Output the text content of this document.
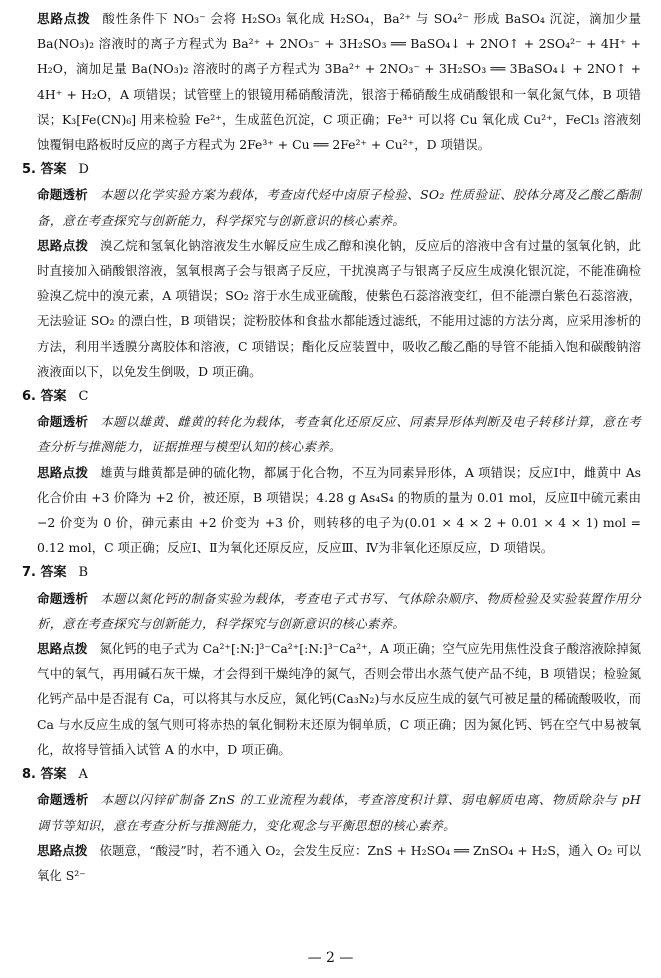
思路点拨 酸性条件下 NO₃⁻ 会将 H₂SO₃ 氧化成 H₂SO₄，Ba²⁺ 与 SO₄²⁻ 形成 BaSO₄ 沉淀，滴加少量 Ba(NO₃)₂ 溶液时的离子方程式为 Ba²⁺ + 2NO₃⁻ + 3H₂SO₃ ══ BaSO₄↓ + 2NO↑ + 2SO₄²⁻ + 4H⁺ + H₂O，滴加足量 Ba(NO₃)₂ 溶液时的离子方程式为 3Ba²⁺ + 2NO₃⁻ + 3H₂SO₃ ══ 3BaSO₄↓ + 2NO↑ + 4H⁺ + H₂O，A 项错误；试管壁上的银镜用稀硝酸清洗，银溶于稀硝酸生成硝酸银和一氧化氮气体，B 项错误；K₃[Fe(CN)₆] 用来检验 Fe²⁺，生成蓝色沉淀，C 项正确；Fe³⁺ 可以将 Cu 氧化成 Cu²⁺，FeCl₃ 溶液刻蚀覆铜电路板时反应的离子方程式为 2Fe³⁺ + Cu ══ 2Fe²⁺ + Cu²⁺，D 项错误。

5. 答案 D

命题透析 本题以化学实验方案为载体，考查卤代烃中卤原子检验、SO₂ 性质验证、胶体分离及乙酸乙酯制备，意在考查探究与创新能力，科学探究与创新意识的核心素养。

思路点拨 溴乙烷和氢氧化钠溶液发生水解反应生成乙醇和溴化钠，反应后的溶液中含有过量的氢氧化钠，此时直接加入硝酸银溶液，氢氧根离子会与银离子反应，干扰溴离子与银离子反应生成溴化银沉淀，不能准确检验溴乙烷中的溴元素，A 项错误；SO₂ 溶于水生成亚硫酸，使紫色石蕊溶液变红，但不能漂白紫色石蕊溶液，无法验证 SO₂ 的漂白性，B 项错误；淀粉胶体和食盐水都能透过滤纸，不能用过滤的方法分离，应采用渗析的方法，利用半透膜分离胶体和溶液，C 项错误；酯化反应装置中，吸收乙酸乙酯的导管不能插入饱和碳酸钠溶液液面以下，以免发生倒吸，D 项正确。

6. 答案 C

命题透析 本题以雄黄、雌黄的转化为载体，考查氧化还原反应、同素异形体判断及电子转移计算，意在考查分析与推测能力，证据推理与模型认知的核心素养。

思路点拨 雄黄与雌黄都是砷的硫化物，都属于化合物，不互为同素异形体，A 项错误；反应Ⅰ中，雌黄中 As 化合价由 +3 价降为 +2 价，被还原，B 项错误；4.28 g As₄S₄ 的物质的量为 0.01 mol，反应Ⅱ中硫元素由 −2 价变为 0 价，砷元素由 +2 价变为 +3 价，则转移的电子为(0.01 × 4 × 2 + 0.01 × 4 × 1) mol = 0.12 mol，C 项正确；反应Ⅰ、Ⅱ为氧化还原反应，反应Ⅲ、Ⅳ为非氧化还原反应，D 项错误。

7. 答案 B

命题透析 本题以氮化钙的制备实验为载体，考查电子式书写、气体除杂顺序、物质检验及实验装置作用分析，意在考查探究与创新能力，科学探究与创新意识的核心素养。

思路点拨 氮化钙的电子式为 Ca²⁺[:N:]³⁻Ca²⁺[:N:]³⁻Ca²⁺，A 项正确；空气应先用焦性没食子酸溶液除掉氮气中的氧气，再用碱石灰干燥，才会得到干燥纯净的氮气，否则会带出水蒸气使产品不纯，B 项错误；检验氮化钙产品中是否混有 Ca，可以将其与水反应，氮化钙(Ca₃N₂)与水反应生成的氨气可被足量的稀硫酸吸收，而 Ca 与水反应生成的氢气则可将赤热的氧化铜粉末还原为铜单质，C 项正确；因为氮化钙、钙在空气中易被氧化，故将导管插入试管 A 的水中，D 项正确。

8. 答案 A

命题透析 本题以闪锌矿制备 ZnS 的工业流程为载体，考查溶度积计算、弱电解质电离、物质除杂与 pH 调节等知识，意在考查分析与推测能力，变化观念与平衡思想的核心素养。

思路点拨 依题意，“酸浸”时，若不通入 O₂，会发生反应：ZnS + H₂SO₄ ══ ZnSO₄ + H₂S，通入 O₂ 可以氧化 S²⁻

— 2 —
